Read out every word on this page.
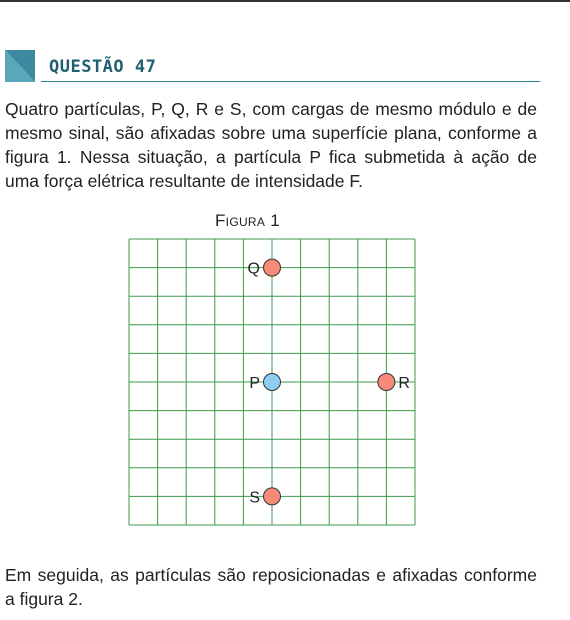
QUESTÃO 47

Quatro partículas, P, Q, R e S, com cargas de mesmo módulo e de mesmo sinal, são afixadas sobre uma superfície plana, conforme a figura 1. Nessa situação, a partícula P fica submetida à ação de uma força elétrica resultante de intensidade F.

Figura 1
Q
P	R
S

Em seguida, as partículas são reposicionadas e afixadas conforme a figura 2.
